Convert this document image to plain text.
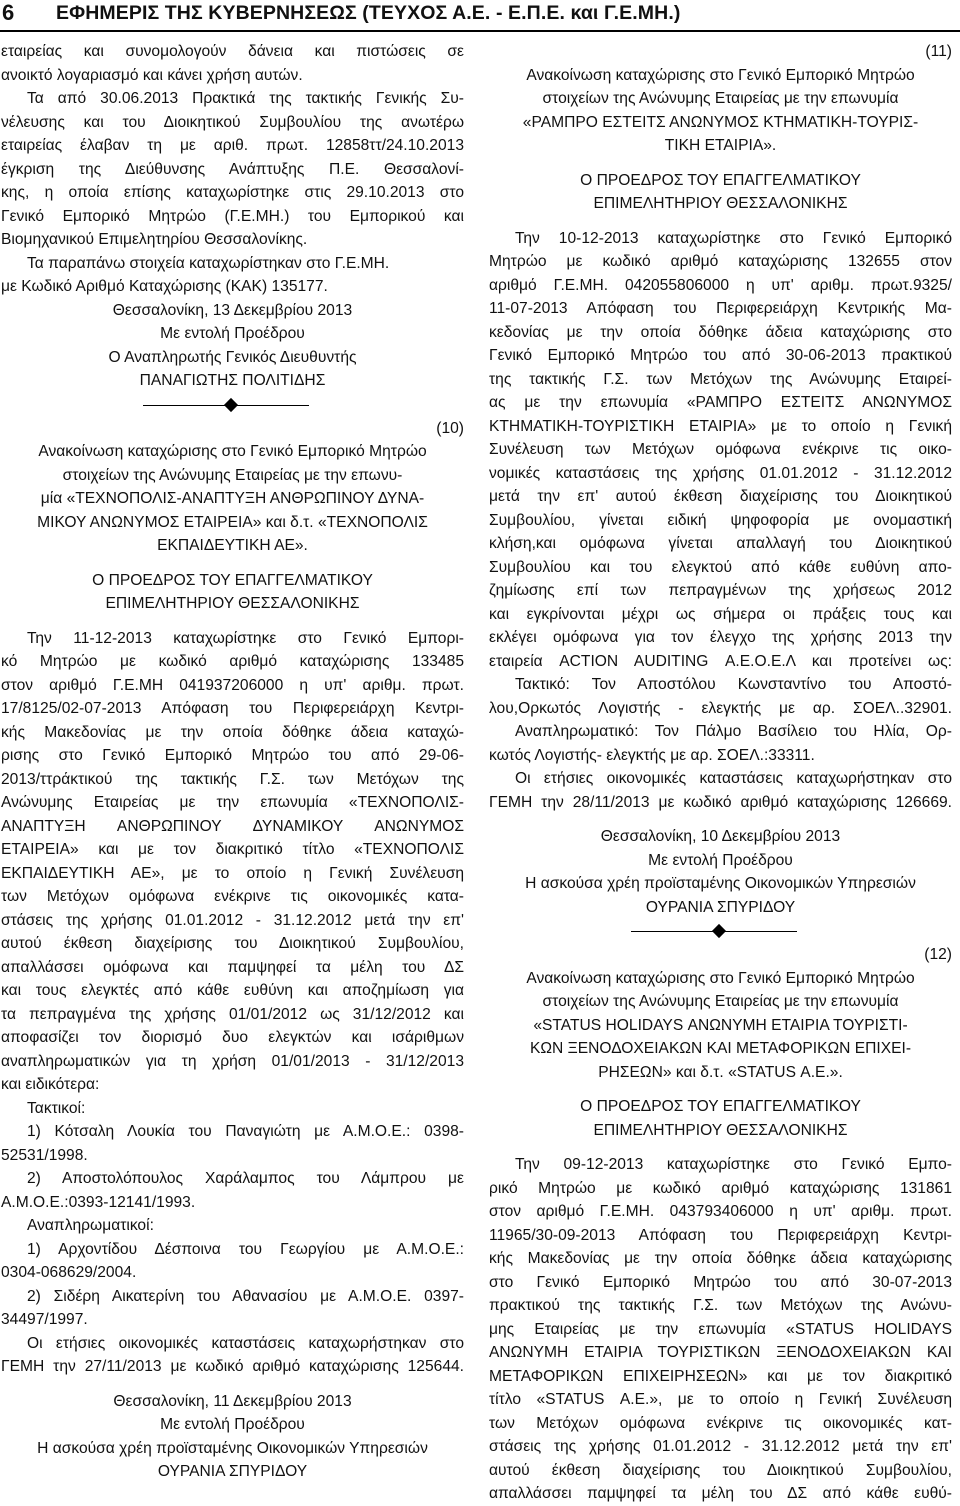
6 ΕΦΗΜΕΡΙΣ ΤΗΣ ΚΥΒΕΡΝΗΣΕΩΣ (ΤΕΥΧΟΣ Α.Ε. - Ε.Π.Ε. και Γ.Ε.ΜΗ.)
εταιρείας και συνομολογούν δάνεια και πιστώσεις σε
ανοικτό λογαριασμό και κάνει χρήση αυτών.
Τα από 30.06.2013 Πρακτικά της τακτικής Γενικής Συ-
νέλευσης και του Διοικητικού Συμβουλίου της ανωτέρω
εταιρείας έλαβαν τη με αριθ. πρωτ. 12858ττ/24.10.2013
έγκριση της Διεύθυνσης Ανάπτυξης Π.Ε. Θεσσαλονί-
κης, η οποία επίσης καταχωρίστηκε στις 29.10.2013 στο
Γενικό Εμπορικό Μητρώο (Γ.Ε.ΜΗ.) του Εμπορικού και
Βιομηχανικού Επιμελητηρίου Θεσσαλονίκης.
Τα παραπάνω στοιχεία καταχωρίστηκαν στο Γ.Ε.ΜΗ.
με Κωδικό Αριθμό Καταχώρισης (ΚΑΚ) 135177.
Θεσσαλονίκη, 13 Δεκεμβρίου 2013
Με εντολή Προέδρου
Ο Αναπληρωτής Γενικός Διευθυντής
ΠΑΝΑΓΙΩΤΗΣ ΠΟΛΙΤΙΔΗΣ
(10)
Ανακοίνωση καταχώρισης στο Γενικό Εμπορικό Μητρώο
στοιχείων της Ανώνυμης Εταιρείας με την επωνυ-
μία «ΤΕΧΝΟΠΟΛΙΣ-ΑΝΑΠΤΥΞΗ ΑΝΘΡΩΠΙΝΟΥ ΔΥΝΑ-
ΜΙΚΟΥ ΑΝΩΝΥΜΟΣ ΕΤΑΙΡΕΙΑ» και δ.τ. «ΤΕΧΝΟΠΟΛΙΣ
ΕΚΠΑΙΔΕΥΤΙΚΗ ΑΕ».
Ο ΠΡΟΕΔΡΟΣ ΤΟΥ ΕΠΑΓΓΕΛΜΑΤΙΚΟΥ
ΕΠΙΜΕΛΗΤΗΡΙΟΥ ΘΕΣΣΑΛΟΝΙΚΗΣ
Την 11-12-2013 καταχωρίστηκε στο Γενικό Εμπορι-
κό Μητρώο με κωδικό αριθμό καταχώρισης 133485
στον αριθμό Γ.Ε.ΜΗ 041937206000 η υπ' αριθμ. πρωτ.
17/8125/02-07-2013 Απόφαση του Περιφερειάρχη Κεντρι-
κής Μακεδονίας με την οποία δόθηκε άδεια καταχώ-
ρισης στο Γενικό Εμπορικό Μητρώο του από 29-06-
2013/ττράκτικού της τακτικής Γ.Σ. των Μετόχων της
Ανώνυμης Εταιρείας με την επωνυμία «ΤΕΧΝΟΠΟΛΙΣ-
ΑΝΑΠΤΥΞΗ ΑΝΘΡΩΠΙΝΟΥ ΔΥΝΑΜΙΚΟΥ ΑΝΩΝΥΜΟΣ
ΕΤΑΙΡΕΙΑ» και με τον διακριτικό τίτλο «ΤΕΧΝΟΠΟΛΙΣ
ΕΚΠΑΙΔΕΥΤΙΚΗ ΑΕ», με το οποίο η Γενική Συνέλευση
των Μετόχων ομόφωνα ενέκρινε τις οικονομικές κατα-
στάσεις της χρήσης 01.01.2012 - 31.12.2012 μετά την επ'
αυτού έκθεση διαχείρισης του Διοικητικού Συμβουλίου,
απαλλάσσει ομόφωνα και παμψηφεί τα μέλη του ΔΣ
και τους ελεγκτές από κάθε ευθύνη και αποζημίωση για
τα πεπραγμένα της χρήσης 01/01/2012 ως 31/12/2012 και
αποφασίζει τον διορισμό δυο ελεγκτών και ισάριθμων
αναπληρωματικών για τη χρήση 01/01/2013 - 31/12/2013
και ειδικότερα:
Τακτικοί:
1) Κότσαλη Λουκία του Παναγιώτη με Α.Μ.Ο.Ε.: 0398-
52531/1998.
2) Αποστολόπουλος Χαράλαμπος του Λάμπρου με
Α.Μ.Ο.Ε.:0393-12141/1993.
Αναπληρωματικοί:
1) Αρχοντίδου Δέσποινα του Γεωργίου με Α.Μ.Ο.Ε.:
0304-068629/2004.
2) Σιδέρη Αικατερίνη του Αθανασίου με Α.Μ.Ο.Ε. 0397-
34497/1997.
Οι ετήσιες οικονομικές καταστάσεις καταχωρήστηκαν στο
ΓΕΜΗ την 27/11/2013 με κωδικό αριθμό καταχώρισης 125644.
Θεσσαλονίκη, 11 Δεκεμβρίου 2013
Με εντολή Προέδρου
Η ασκούσα χρέη προϊσταμένης Οικονομικών Υπηρεσιών
ΟΥΡΑΝΙΑ ΣΠΥΡΙΔΟΥ
(11)
Ανακοίνωση καταχώρισης στο Γενικό Εμπορικό Μητρώο
στοιχείων της Ανώνυμης Εταιρείας με την επωνυμία
«ΡΑΜΠΡΟ ΕΣΤΕΙΤΣ ΑΝΩΝΥΜΟΣ ΚΤΗΜΑΤΙΚΗ-ΤΟΥΡΙΣ-
ΤΙΚΗ ΕΤΑΙΡΙΑ».
Ο ΠΡΟΕΔΡΟΣ ΤΟΥ ΕΠΑΓΓΕΛΜΑΤΙΚΟΥ
ΕΠΙΜΕΛΗΤΗΡΙΟΥ ΘΕΣΣΑΛΟΝΙΚΗΣ
Την 10-12-2013 καταχωρίστηκε στο Γενικό Εμπορικό
Μητρώο με κωδικό αριθμό καταχώρισης 132655 στον
αριθμό Γ.Ε.ΜΗ. 042055806000 η υπ' αριθμ. πρωτ.9325/
11-07-2013 Απόφαση του Περιφερειάρχη Κεντρικής Μα-
κεδονίας με την οποία δόθηκε άδεια καταχώρισης στο
Γενικό Εμπορικό Μητρώο του από 30-06-2013 πρακτικού
της τακτικής Γ.Σ. των Μετόχων της Ανώνυμης Εταιρεί-
ας με την επωνυμία «ΡΑΜΠΡΟ ΕΣΤΕΙΤΣ ΑΝΩΝΥΜΟΣ
ΚΤΗΜΑΤΙΚΗ-ΤΟΥΡΙΣΤΙΚΗ ΕΤΑΙΡΙΑ» με το οποίο η Γενική
Συνέλευση των Μετόχων ομόφωνα ενέκρινε τις οικο-
νομικές καταστάσεις της χρήσης 01.01.2012 - 31.12.2012
μετά την επ' αυτού έκθεση διαχείρισης του Διοικητικού
Συμβουλίου, γίνεται ειδική ψηφοφορία με ονομαστική
κλήση,και ομόφωνα γίνεται απαλλαγή του Διοικητικού
Συμβουλίου και του ελεγκτού από κάθε ευθύνη απο-
ζημίωσης επί των πεπραγμένων της χρήσεως 2012
και εγκρίνονται μέχρι ως σήμερα οι πράξεις τους και
εκλέγει ομόφωνα για τον έλεγχο της χρήσης 2013 την
εταιρεία ACTION AUDITING Α.Ε.Ο.Ε.Λ και προτείνει ως:
Τακτικό: Τον Αποστόλου Κωνσταντίνο του Αποστό-
λου,Ορκωτός Λογιστής - ελεγκτής με αρ. ΣΟΕΛ..32901.
Αναπληρωματικό: Τον Πάλμο Βασίλειο του Ηλία, Ορ-
κωτός Λογιστής- ελεγκτής με αρ. ΣΟΕΛ.:33311.
Οι ετήσιες οικονομικές καταστάσεις καταχωρήστηκαν στο
ΓΕΜΗ την 28/11/2013 με κωδικό αριθμό καταχώρισης 126669.
Θεσσαλονίκη, 10 Δεκεμβρίου 2013
Με εντολή Προέδρου
Η ασκούσα χρέη προϊσταμένης Οικονομικών Υπηρεσιών
ΟΥΡΑΝΙΑ ΣΠΥΡΙΔΟΥ
(12)
Ανακοίνωση καταχώρισης στο Γενικό Εμπορικό Μητρώο
στοιχείων της Ανώνυμης Εταιρείας με την επωνυμία
«STATUS HOLIDAYS ΑΝΩΝΥΜΗ ΕΤΑΙΡΙΑ ΤΟΥΡΙΣΤΙ-
ΚΩΝ ΞΕΝΟΔΟΧΕΙΑΚΩΝ ΚΑΙ ΜΕΤΑΦΟΡΙΚΩΝ ΕΠΙΧΕΙ-
ΡΗΣΕΩΝ» και δ.τ. «STATUS Α.Ε.».
Ο ΠΡΟΕΔΡΟΣ ΤΟΥ ΕΠΑΓΓΕΛΜΑΤΙΚΟΥ
ΕΠΙΜΕΛΗΤΗΡΙΟΥ ΘΕΣΣΑΛΟΝΙΚΗΣ
Την 09-12-2013 καταχωρίστηκε στο Γενικό Εμπο-
ρικό Μητρώο με κωδικό αριθμό καταχώρισης 131861
στον αριθμό Γ.Ε.ΜΗ. 043793406000 η υπ' αριθμ. πρωτ.
11965/30-09-2013 Απόφαση του Περιφερειάρχη Κεντρι-
κής Μακεδονίας με την οποία δόθηκε άδεια καταχώρισης
στο Γενικό Εμπορικό Μητρώο του από 30-07-2013
πρακτικού της τακτικής Γ.Σ. των Μετόχων της Ανώνυ-
μης Εταιρείας με την επωνυμία «STATUS HOLIDAYS
ΑΝΩΝΥΜΗ ΕΤΑΙΡΙΑ ΤΟΥΡΙΣΤΙΚΩΝ ΞΕΝΟΔΟΧΕΙΑΚΩΝ ΚΑΙ
ΜΕΤΑΦΟΡΙΚΩΝ ΕΠΙΧΕΙΡΗΣΕΩΝ» και με τον διακριτικό
τίτλο «STATUS Α.Ε.», με το οποίο η Γενική Συνέλευση
των Μετόχων ομόφωνα ενέκρινε τις οικονομικές κατ-
στάσεις της χρήσης 01.01.2012 - 31.12.2012 μετά την επ'
αυτού έκθεση διαχείρισης του Διοικητικού Συμβουλίου,
απαλλάσσει παμψηφεί τα μέλη του ΔΣ από κάθε ευθύ-
